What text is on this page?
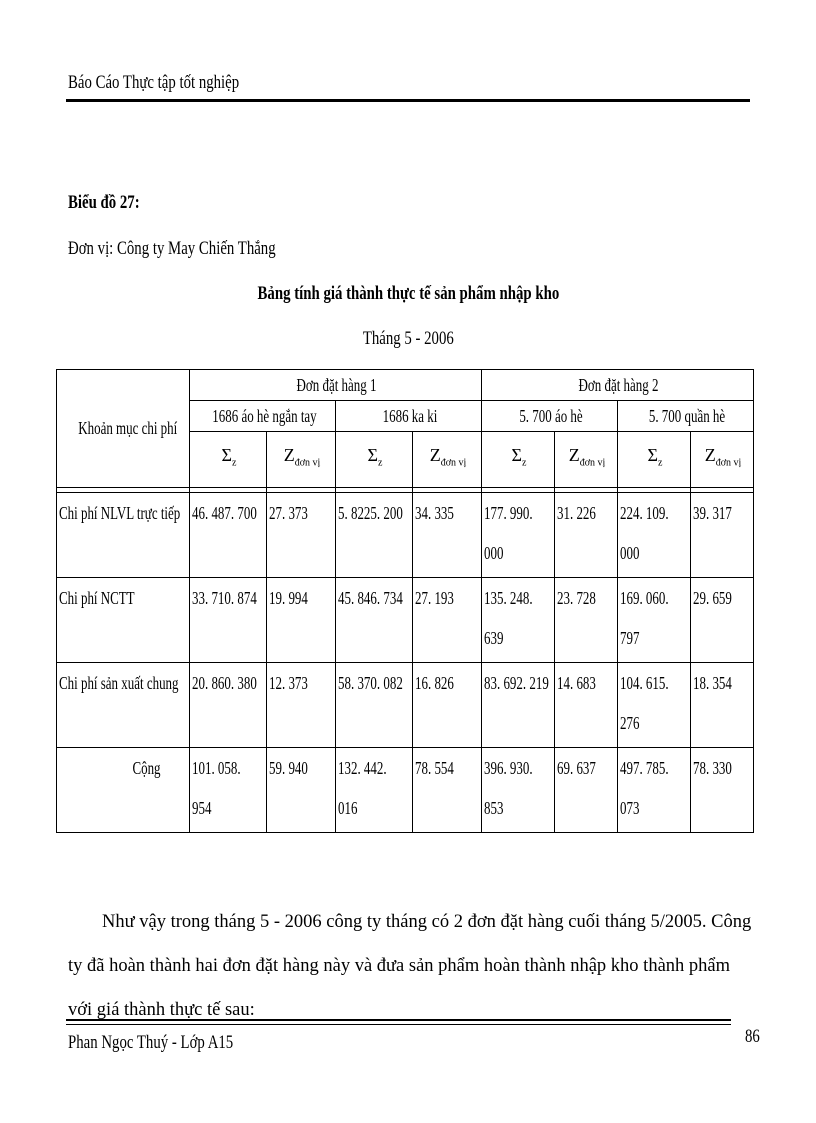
Báo Cáo Thực tập tốt nghiệp
Biểu đồ 27:
Đơn vị: Công ty May Chiến Thắng
Bảng tính giá thành thực tế sản phẩm nhập kho
Tháng 5 - 2006
Khoản mục chi phí	Đơn đặt hàng 1				Đơn đặt hàng 2			
	1686 áo hè ngắn tay		1686 ka ki		5. 700 áo hè		5. 700 quần hè	
	$\Sigma_z$	$Z_{đơn vị}$	$\Sigma_z$	$Z_{đơn vị}$	$\Sigma_z$	$Z_{đơn vị}$	$\Sigma_z$	$Z_{đơn vị}$

Chi phí NLVL trực tiếp	46. 487. 700	27. 373	5. 8225. 200	34. 335	177. 990. 000	31. 226	224. 109. 000	39. 317

Chi phí NCTT	33. 710. 874	19. 994	45. 846. 734	27. 193	135. 248. 639	23. 728	169. 060. 797	29. 659

Chi phí sản xuất chung	20. 860. 380	12. 373	58. 370. 082	16. 826	83. 692. 219	14. 683	104. 615. 276	18. 354

Cộng	101. 058. 954	59. 940	132. 442. 016	78. 554	396. 930. 853	69. 637	497. 785. 073	78. 330
Như vậy trong tháng 5 - 2006 công ty tháng có 2 đơn đặt hàng cuối tháng 5/2005. Công ty đã hoàn thành hai đơn đặt hàng này và đưa sản phẩm hoàn thành nhập kho thành phẩm với giá thành thực tế sau:
Phan Ngọc Thuý - Lớp A15	86
